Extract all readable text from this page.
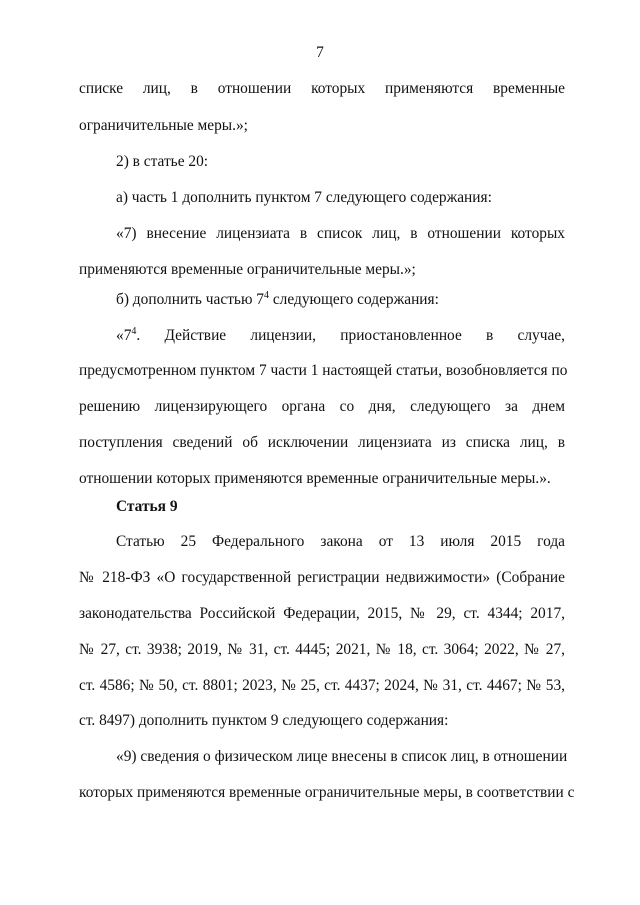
7
списке лиц, в отношении которых применяются временные
ограничительные меры.»;
2) в статье 20:
а) часть 1 дополнить пунктом 7 следующего содержания:
«7) внесение лицензиата в список лиц, в отношении которых
применяются временные ограничительные меры.»;
б) дополнить частью $7^4$ следующего содержания:
«$7^4$. Действие лицензии, приостановленное в случае,
предусмотренном пунктом 7 части 1 настоящей статьи, возобновляется по
решению лицензирующего органа со дня, следующего за днем
поступления сведений об исключении лицензиата из списка лиц, в
отношении которых применяются временные ограничительные меры.».
Статья 9
Статью 25 Федерального закона от 13 июля 2015 года
№ 218-ФЗ «О государственной регистрации недвижимости» (Собрание
законодательства Российской Федерации, 2015, № 29, ст. 4344; 2017,
№ 27, ст. 3938; 2019, № 31, ст. 4445; 2021, № 18, ст. 3064; 2022, № 27,
ст. 4586; № 50, ст. 8801; 2023, № 25, ст. 4437; 2024, № 31, ст. 4467; № 53,
ст. 8497) дополнить пунктом 9 следующего содержания:
«9) сведения о физическом лице внесены в список лиц, в отношении
которых применяются временные ограничительные меры, в соответствии с
